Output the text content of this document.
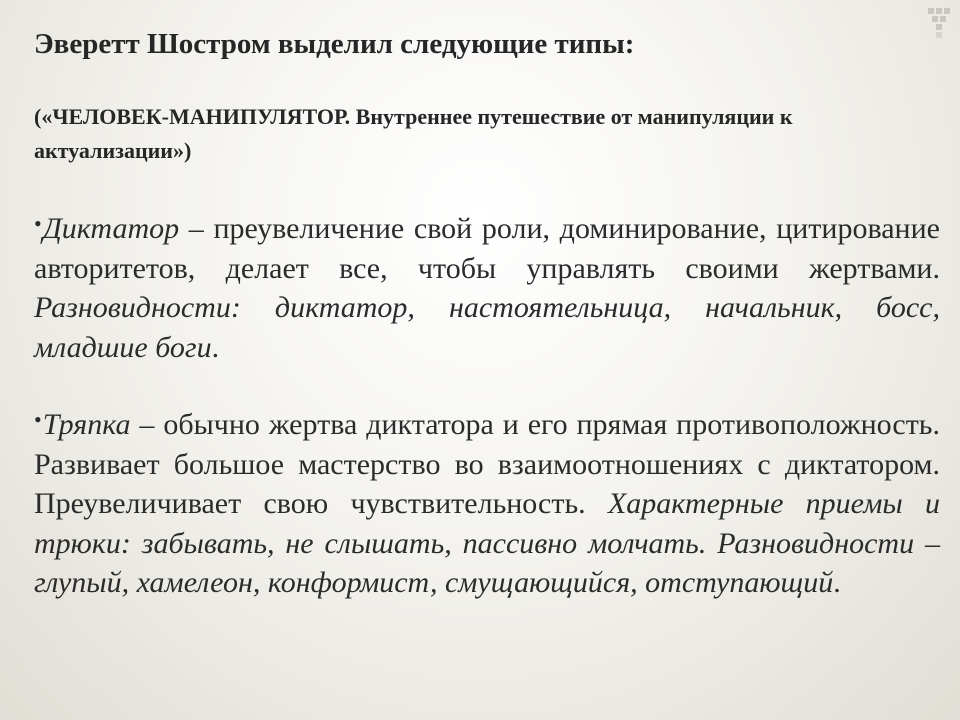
Эверетт Шостром выделил следующие типы:
(«ЧЕЛОВЕК-МАНИПУЛЯТОР. Внутреннее путешествие от манипуляции к актуализации»)

•Диктатор – преувеличение свой роли, доминирование, цитирование авторитетов, делает все, чтобы управлять своими жертвами. Разновидности: диктатор, настоятельница, начальник, босс, младшие боги.

•Тряпка – обычно жертва диктатора и его прямая противоположность. Развивает большое мастерство во взаимоотношениях с диктатором. Преувеличивает свою чувствительность. Характерные приемы и трюки: забывать, не слышать, пассивно молчать. Разновидности – глупый, хамелеон, конформист, смущающийся, отступающий.
